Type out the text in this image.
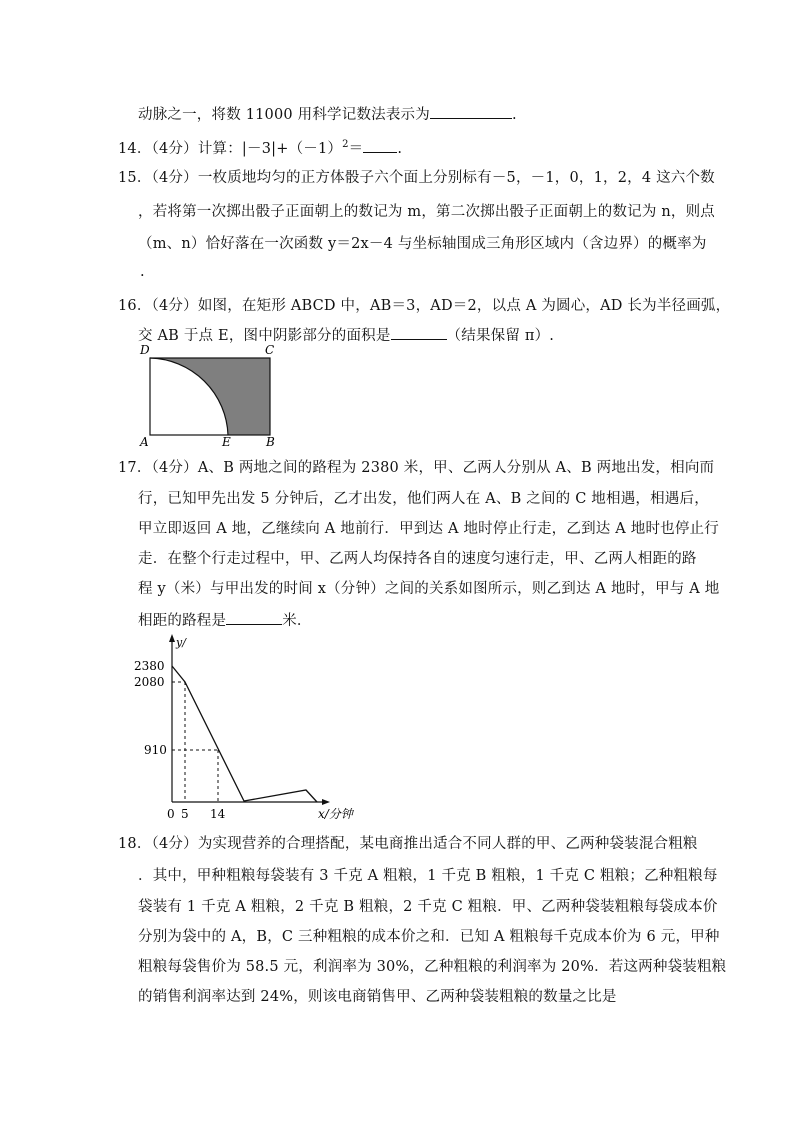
动脉之一，将数 11000 用科学记数法表示为	.
14．（4分）计算：$|-3|+(-1)^2=$ .
15．（4分）一枚质地均匀的正方体骰子六个面上分别标有－5，－1，0，1，2，4 这六个数
，若将第一次掷出骰子正面朝上的数记为 m，第二次掷出骰子正面朝上的数记为 n，则点
（m、n）恰好落在一次函数 y＝2x－4 与坐标轴围成三角形区域内（含边界）的概率为
.
16．（4分）如图，在矩形 ABCD 中，AB＝3，AD＝2，以点 A 为圆心，AD 长为半径画弧，
交 AB 于点 E，图中阴影部分的面积是	（结果保留 π）.
D	C
A	E	B
17．（4分）A、B 两地之间的路程为 2380 米，甲、乙两人分别从 A、B 两地出发，相向而
行，已知甲先出发 5 分钟后，乙才出发，他们两人在 A、B 之间的 C 地相遇，相遇后，
甲立即返回 A 地，乙继续向 A 地前行．甲到达 A 地时停止行走，乙到达 A 地时也停止行
走．在整个行走过程中，甲、乙两人均保持各自的速度匀速行走，甲、乙两人相距的路
程 y（米）与甲出发的时间 x（分钟）之间的关系如图所示，则乙到达 A 地时，甲与 A 地
相距的路程是	米．
y/
2380
2080
910
0 5 14	x/分钟
18．（4分）为实现营养的合理搭配，某电商推出适合不同人群的甲、乙两种袋装混合粗粮
．其中，甲种粗粮每袋装有 3 千克 A 粗粮，1 千克 B 粗粮，1 千克 C 粗粮；乙种粗粮每
袋装有 1 千克 A 粗粮，2 千克 B 粗粮，2 千克 C 粗粮．甲、乙两种袋装粗粮每袋成本价
分别为袋中的 A，B，C 三种粗粮的成本价之和．已知 A 粗粮每千克成本价为 6 元，甲种
粗粮每袋售价为 58.5 元，利润率为 30%，乙种粗粮的利润率为 20%．若这两种袋装粗粮
的销售利润率达到 24%，则该电商销售甲、乙两种袋装粗粮的数量之比是
